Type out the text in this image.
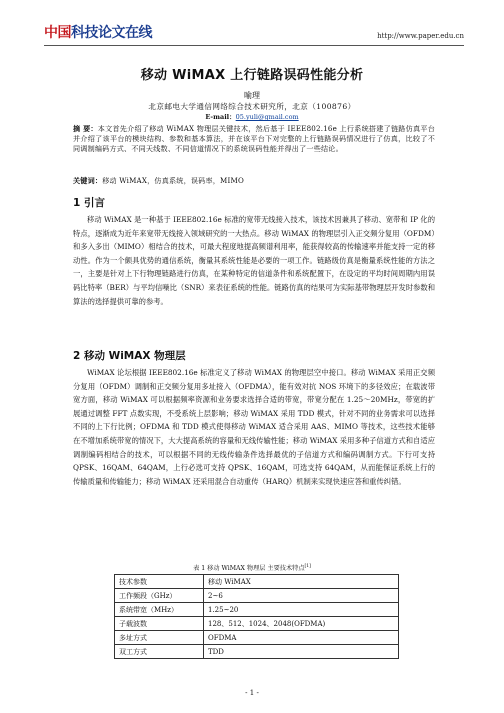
中国科技论文在线	http://www.paper.edu.cn
移动 WiMAX 上行链路误码性能分析
喻理
北京邮电大学通信网络综合技术研究所，北京（100876）
E-mail：05.yuli@gmail.com
摘 要：本文首先介绍了移动 WiMAX 物理层关键技术，然后基于 IEEE802.16e 上行系统搭建了链路仿真平台并介绍了该平台的模块结构、参数和基本算法，并在该平台下对完整的上行链路误码情况进行了仿真，比较了不同调制编码方式、不同天线数、不同信道情况下的系统误码性能并得出了一些结论。
关键词：移动 WiMAX，仿真系统，误码率，MIMO
1 引言
移动 WiMAX 是一种基于 IEEE802.16e 标准的宽带无线接入技术，该技术因兼具了移动、宽带和 IP 化的特点，逐渐成为近年来宽带无线接入领域研究的一大热点。移动 WiMAX 的物理层引入正交频分复用（OFDM）和多入多出（MIMO）相结合的技术，可最大程度地提高频谱利用率，能获得较高的传输速率并能支持一定的移动性。作为一个颇具优势的通信系统，衡量其系统性能是必要的一项工作。链路级仿真是衡量系统性能的方法之一，主要是针对上下行物理链路进行仿真，在某种特定的信道条件和系统配置下，在设定的平均时间周期内用误码比特率（BER）与平均信噪比（SNR）来表征系统的性能。链路仿真的结果可为实际基带物理层开发时参数和算法的选择提供可靠的参考。
2 移动 WiMAX 物理层
WiMAX 论坛根据 IEEE802.16e 标准定义了移动 WiMAX 的物理层空中接口。移动 WiMAX 采用正交频分复用（OFDM）调制和正交频分复用多址接入（OFDMA），能有效对抗 NOS 环境下的多径效应；在载波带宽方面，移动 WiMAX 可以根据频率资源和业务要求选择合适的带宽，带宽分配在 1.25～20MHz，带宽的扩展通过调整 FFT 点数实现，不受系统上层影响；移动 WiMAX 采用 TDD 模式，针对不同的业务需求可以选择不同的上下行比例；OFDMA 和 TDD 模式使得移动 WiMAX 适合采用 AAS、MIMO 等技术，这些技术能够在不增加系统带宽的情况下，大大提高系统的容量和无线传输性能；移动 WiMAX 采用多种子信道方式和自适应调制编码相结合的技术，可以根据不同的无线传输条件选择最优的子信道方式和编码调制方式。下行可支持 QPSK、16QAM、64QAM，上行必选可支持 QPSK、16QAM，可选支持 64QAM，从而能保证系统上行的传输质量和传输能力；移动 WiMAX 还采用混合自动重传（HARQ）机制来实现快速应答和重传纠错。
表 1 移动 WiMAX 物理层 主要技术特点[1]
技术参数	移动 WiMAX
工作频段（GHz）	2~6
系统带宽（MHz）	1.25~20
子载波数	128、512、1024、2048(OFDMA)
多址方式	OFDMA
双工方式	TDD
- 1 -
